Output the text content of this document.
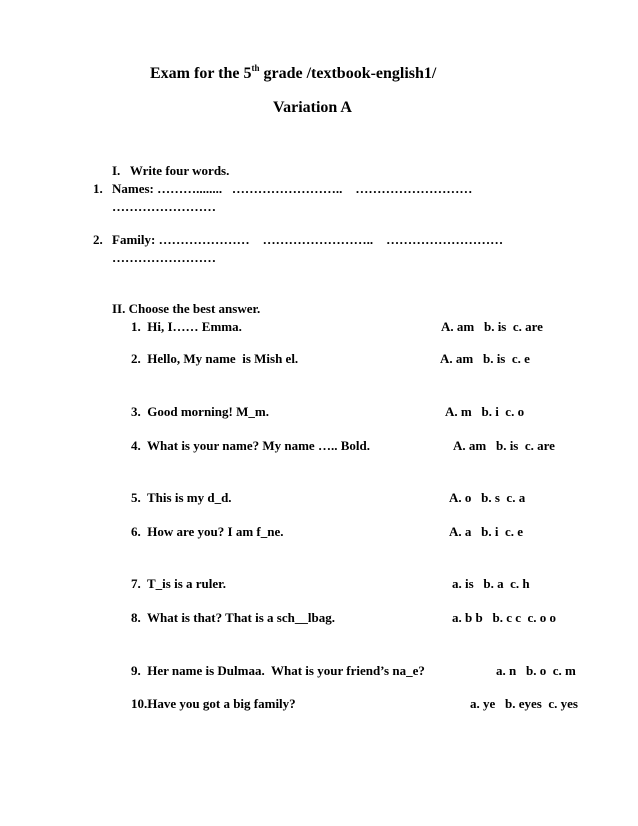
Exam for the 5th grade /textbook-english1/
Variation A
I.   Write four words.
1. Names: ………........   ……………………..    ………………………
……………………
2. Family: …………………    ……………………..    ………………………
……………………
II. Choose the best answer.
1.  Hi, I…… Emma.	A. am   b. is  c. are
2.  Hello, My name  is Mish el.	A. am   b. is  c. e
3.  Good morning! M_m.	A. m   b. i  c. o
4.  What is your name? My name ….. Bold.	A. am   b. is  c. are
5.  This is my d_d.	A. o   b. s  c. a
6.  How are you? I am f_ne.	A. a   b. i  c. e
7.  T_is is a ruler.	a. is   b. a  c. h
8.  What is that? That is a sch__lbag.	a. b b   b. c c  c. o o
9.  Her name is Dulmaa.  What is your friend’s na_e?	a. n   b. o  c. m
10.Have you got a big family?	a. ye   b. eyes  c. yes
